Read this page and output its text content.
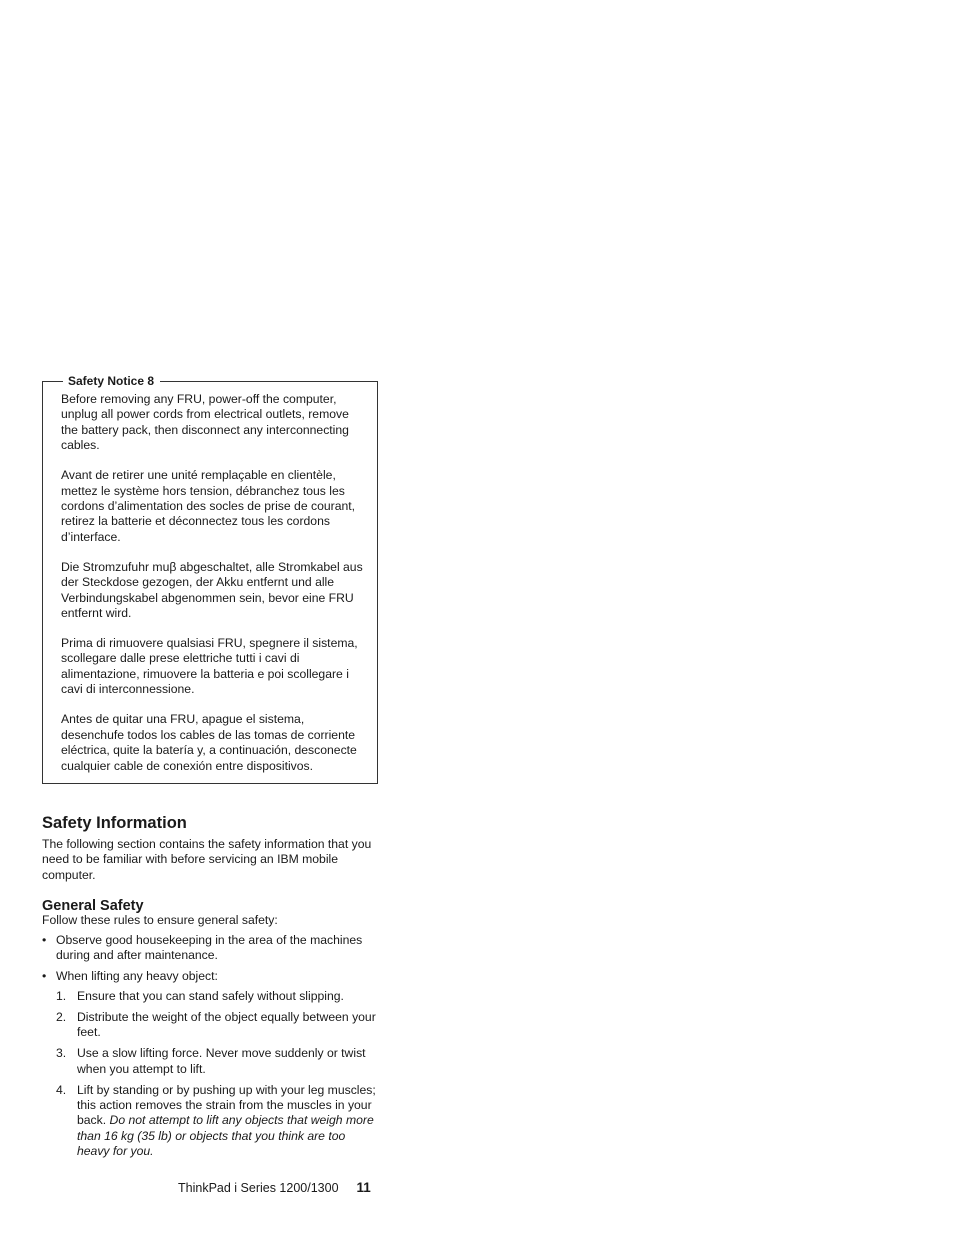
Safety Notice 8

Before removing any FRU, power-off the computer, unplug all power cords from electrical outlets, remove the battery pack, then disconnect any interconnecting cables.

Avant de retirer une unité remplaçable en clientèle, mettez le système hors tension, débranchez tous les cordons d’alimentation des socles de prise de courant, retirez la batterie et déconnectez tous les cordons d’interface.

Die Stromzufuhr muβ abgeschaltet, alle Stromkabel aus der Steckdose gezogen, der Akku entfernt und alle Verbindungskabel abgenommen sein, bevor eine FRU entfernt wird.

Prima di rimuovere qualsiasi FRU, spegnere il sistema, scollegare dalle prese elettriche tutti i cavi di alimentazione, rimuovere la batteria e poi scollegare i cavi di interconnessione.

Antes de quitar una FRU, apague el sistema, desenchufe todos los cables de las tomas de corriente eléctrica, quite la batería y, a continuación, desconecte cualquier cable de conexión entre dispositivos.

Safety Information

The following section contains the safety information that you need to be familiar with before servicing an IBM mobile computer.

General Safety

Follow these rules to ensure general safety:

• Observe good housekeeping in the area of the machines during and after maintenance.
• When lifting any heavy object:
1. Ensure that you can stand safely without slipping.
2. Distribute the weight of the object equally between your feet.
3. Use a slow lifting force. Never move suddenly or twist when you attempt to lift.
4. Lift by standing or by pushing up with your leg muscles; this action removes the strain from the muscles in your back. Do not attempt to lift any objects that weigh more than 16 kg (35 lb) or objects that you think are too heavy for you.
ThinkPad i Series 1200/1300 11
